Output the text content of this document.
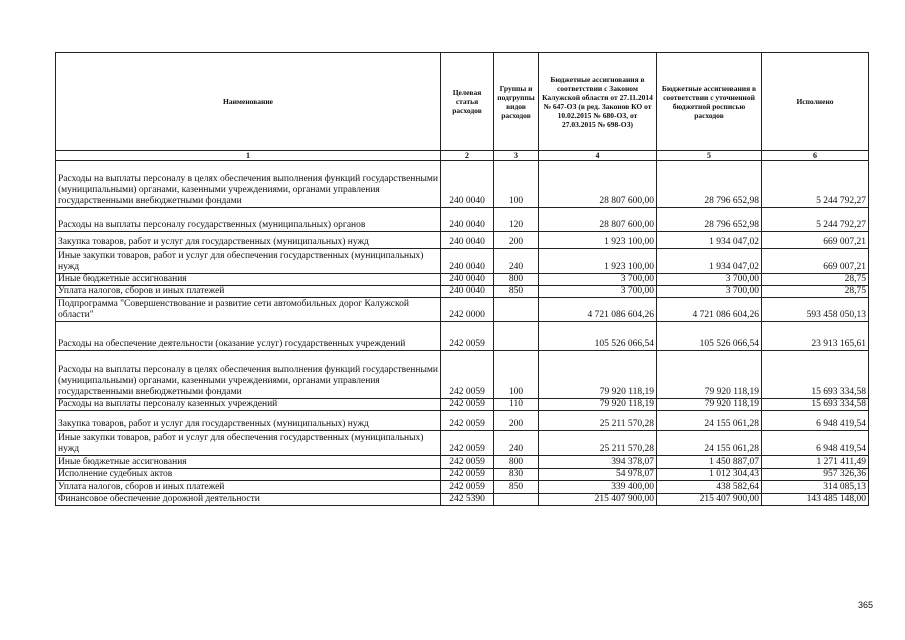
Наименование	Целевая статья расходов	Группы и подгруппы видов расходов	Бюджетные ассигнования в соответствии с Законом Калужской области от 27.11.2014 № 647-ОЗ (в ред. Законов КО от 10.02.2015 № 680-ОЗ, от 27.03.2015 № 698-ОЗ)	Бюджетные ассигнования в соответствии с уточненной бюджетной росписью расходов	Исполнено
1	2	3	4	5	6
Расходы на выплаты персоналу в целях обеспечения выполнения функций государственными (муниципальными) органами, казенными учреждениями, органами управления государственными внебюджетными фондами	240 0040	100	28 807 600,00	28 796 652,98	5 244 792,27
Расходы на выплаты персоналу государственных (муниципальных) органов	240 0040	120	28 807 600,00	28 796 652,98	5 244 792,27
Закупка товаров, работ и услуг для государственных (муниципальных) нужд	240 0040	200	1 923 100,00	1 934 047,02	669 007,21
Иные закупки товаров, работ и услуг для обеспечения государственных (муниципальных) нужд	240 0040	240	1 923 100,00	1 934 047,02	669 007,21
Иные бюджетные ассигнования	240 0040	800	3 700,00	3 700,00	28,75
Уплата налогов, сборов и иных платежей	240 0040	850	3 700,00	3 700,00	28,75
Подпрограмма "Совершенствование и развитие сети автомобильных дорог Калужской области"	242 0000		4 721 086 604,26	4 721 086 604,26	593 458 050,13
Расходы на обеспечение деятельности (оказание услуг) государственных учреждений	242 0059		105 526 066,54	105 526 066,54	23 913 165,61
Расходы на выплаты персоналу в целях обеспечения выполнения функций государственными (муниципальными) органами, казенными учреждениями, органами управления государственными внебюджетными фондами	242 0059	100	79 920 118,19	79 920 118,19	15 693 334,58
Расходы на выплаты персоналу казенных учреждений	242 0059	110	79 920 118,19	79 920 118,19	15 693 334,58
Закупка товаров, работ и услуг для государственных (муниципальных) нужд	242 0059	200	25 211 570,28	24 155 061,28	6 948 419,54
Иные закупки товаров, работ и услуг для обеспечения государственных (муниципальных) нужд	242 0059	240	25 211 570,28	24 155 061,28	6 948 419,54
Иные бюджетные ассигнования	242 0059	800	394 378,07	1 450 887,07	1 271 411,49
Исполнение судебных актов	242 0059	830	54 978,07	1 012 304,43	957 326,36
Уплата налогов, сборов и иных платежей	242 0059	850	339 400,00	438 582,64	314 085,13
Финансовое обеспечение дорожной деятельности	242 5390		215 407 900,00	215 407 900,00	143 485 148,00
365
